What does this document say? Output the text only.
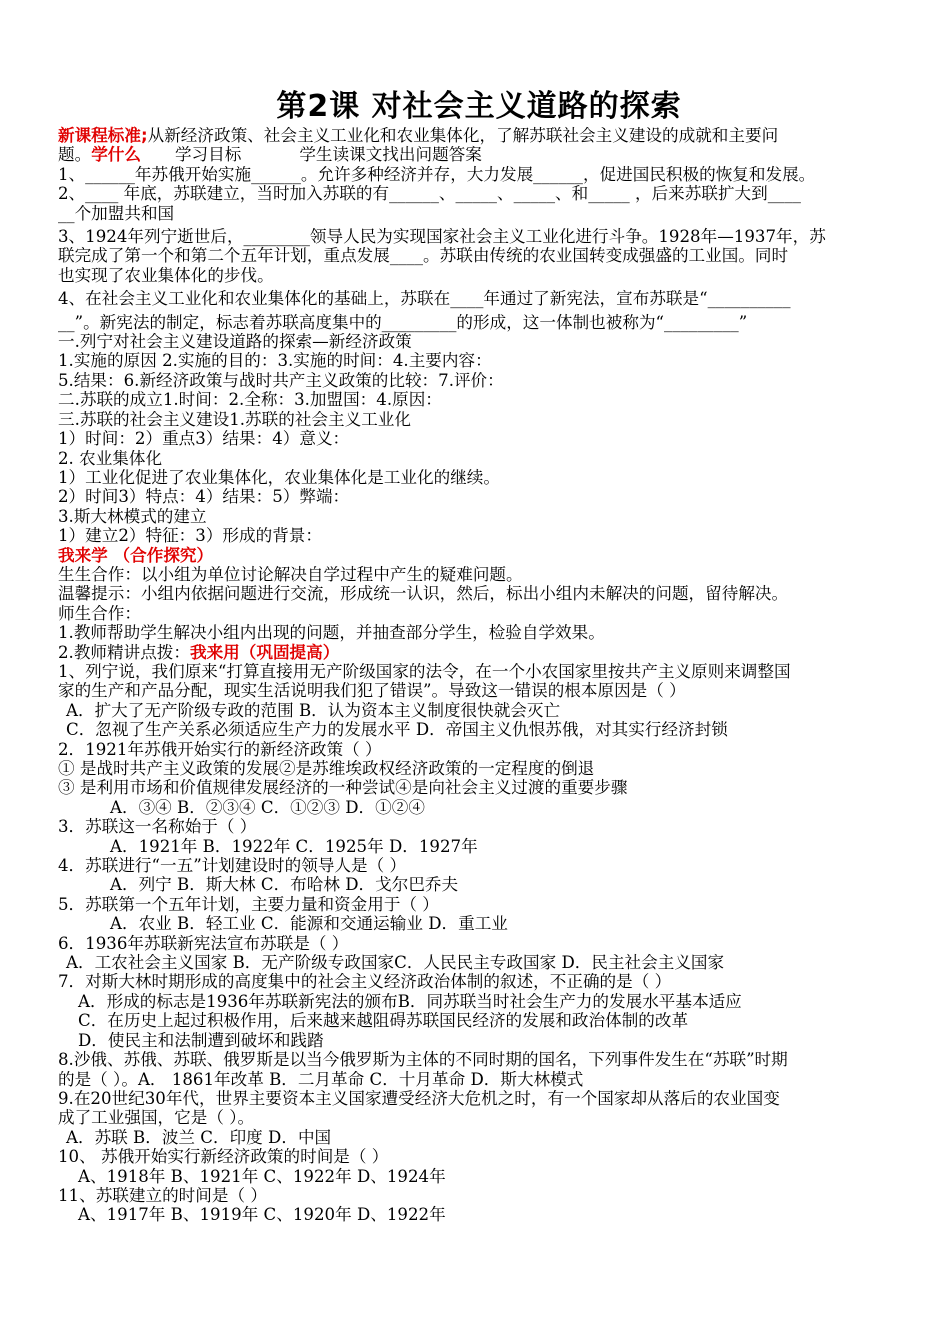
第2课 对社会主义道路的探索
新课程标准;从新经济政策、社会主义工业化和农业集体化，了解苏联社会主义建设的成就和主要问
题。学什么 学习目标	学生读课文找出问题答案
1、______年苏俄开始实施______。允许多种经济并存，大力发展______，促进国民积极的恢复和发展。
2、____ 年底，苏联建立，当时加入苏联的有______、_____、_____、和_____ ，后来苏联扩大到____
__个加盟共和国
3、1924年列宁逝世后，________领导人民为实现国家社会主义工业化进行斗争。1928年—1937年，苏
联完成了第一个和第二个五年计划，重点发展____。苏联由传统的农业国转变成强盛的工业国。同时
也实现了农业集体化的步伐。
4、在社会主义工业化和农业集体化的基础上，苏联在____年通过了新宪法，宣布苏联是“__________
__”。新宪法的制定，标志着苏联高度集中的_________的形成，这一体制也被称为“_________”
一.列宁对社会主义建设道路的探索—新经济政策
1.实施的原因 2.实施的目的：3.实施的时间：4.主要内容：
5.结果：6.新经济政策与战时共产主义政策的比较：7.评价：
二.苏联的成立1.时间：2.全称：3.加盟国：4.原因：
三.苏联的社会主义建设1.苏联的社会主义工业化
1）时间：2）重点3）结果：4）意义：
2. 农业集体化
1）工业化促进了农业集体化，农业集体化是工业化的继续。
2）时间3）特点：4）结果：5）弊端：
3.斯大林模式的建立
1）建立2）特征：3）形成的背景：
我来学 （合作探究）
生生合作：以小组为单位讨论解决自学过程中产生的疑难问题。
温馨提示：小组内依据问题进行交流，形成统一认识，然后，标出小组内未解决的问题，留待解决。
师生合作：
1.教师帮助学生解决小组内出现的问题，并抽查部分学生，检验自学效果。
2.教师精讲点拨：我来用（巩固提高）
1、列宁说，我们原来“打算直接用无产阶级国家的法令，在一个小农国家里按共产主义原则来调整国
家的生产和产品分配，现实生活说明我们犯了错误”。导致这一错误的根本原因是（ ）
A．扩大了无产阶级专政的范围 B．认为资本主义制度很快就会灭亡
C．忽视了生产关系必须适应生产力的发展水平 D．帝国主义仇恨苏俄，对其实行经济封锁
2．1921年苏俄开始实行的新经济政策（ ）
① 是战时共产主义政策的发展②是苏维埃政权经济政策的一定程度的倒退
③ 是利用市场和价值规律发展经济的一种尝试④是向社会主义过渡的重要步骤
A．③④ B．②③④ C．①②③ D．①②④
3．苏联这一名称始于（ ）
A．1921年 B．1922年 C．1925年 D．1927年
4．苏联进行“一五”计划建设时的领导人是（ ）
A．列宁 B．斯大林 C．布哈林 D．戈尔巴乔夫
5．苏联第一个五年计划，主要力量和资金用于（ ）
A．农业 B．轻工业 C．能源和交通运输业 D．重工业
6．1936年苏联新宪法宣布苏联是（ ）
A．工农社会主义国家 B．无产阶级专政国家C．人民民主专政国家 D．民主社会主义国家
7．对斯大林时期形成的高度集中的社会主义经济政治体制的叙述，不正确的是（ ）
A．形成的标志是1936年苏联新宪法的颁布B．同苏联当时社会生产力的发展水平基本适应
C．在历史上起过积极作用，后来越来越阻碍苏联国民经济的发展和政治体制的改革
D．使民主和法制遭到破坏和践踏
8.沙俄、苏俄、苏联、俄罗斯是以当今俄罗斯为主体的不同时期的国名，下列事件发生在“苏联”时期
的是（ ）。A． 1861年改革 B．二月革命 C．十月革命 D．斯大林模式
9.在20世纪30年代，世界主要资本主义国家遭受经济大危机之时，有一个国家却从落后的农业国变
成了工业强国，它是（ ）。
A．苏联 B．波兰 C．印度 D．中国
10、 苏俄开始实行新经济政策的时间是（ ）
A、1918年 B、1921年 C、1922年 D、1924年
11、苏联建立的时间是（ ）
A、1917年 B、1919年 C、1920年 D、1922年
